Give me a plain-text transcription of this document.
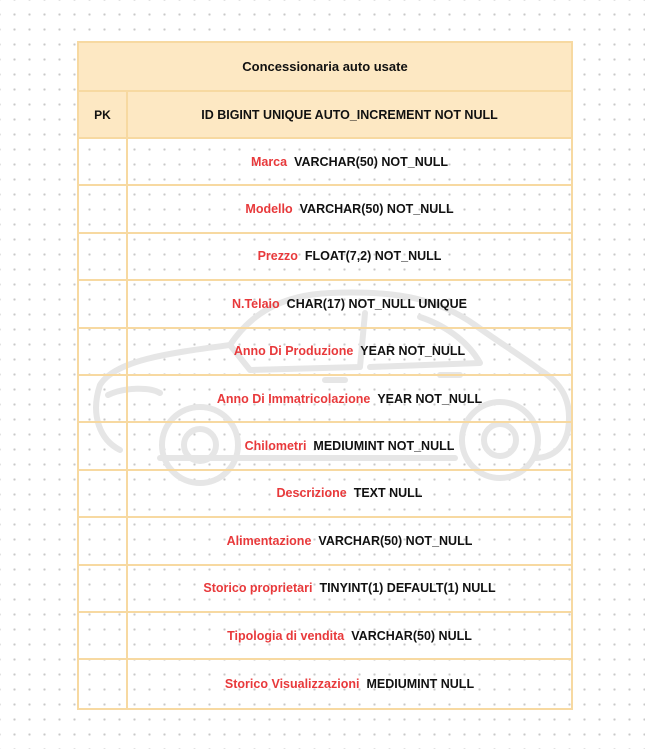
Concessionaria auto usate
PK	ID BIGINT UNIQUE AUTO_INCREMENT NOT NULL
Marca VARCHAR(50) NOT_NULL
Modello VARCHAR(50) NOT_NULL
Prezzo FLOAT(7,2) NOT_NULL
N.Telaio CHAR(17) NOT_NULL UNIQUE
Anno Di Produzione YEAR NOT_NULL
Anno Di Immatricolazione YEAR NOT_NULL
Chilometri MEDIUMINT NOT_NULL
Descrizione TEXT NULL
Alimentazione VARCHAR(50) NOT_NULL
Storico proprietari TINYINT(1) DEFAULT(1) NULL
Tipologia di vendita VARCHAR(50) NULL
Storico Visualizzazioni MEDIUMINT NULL
